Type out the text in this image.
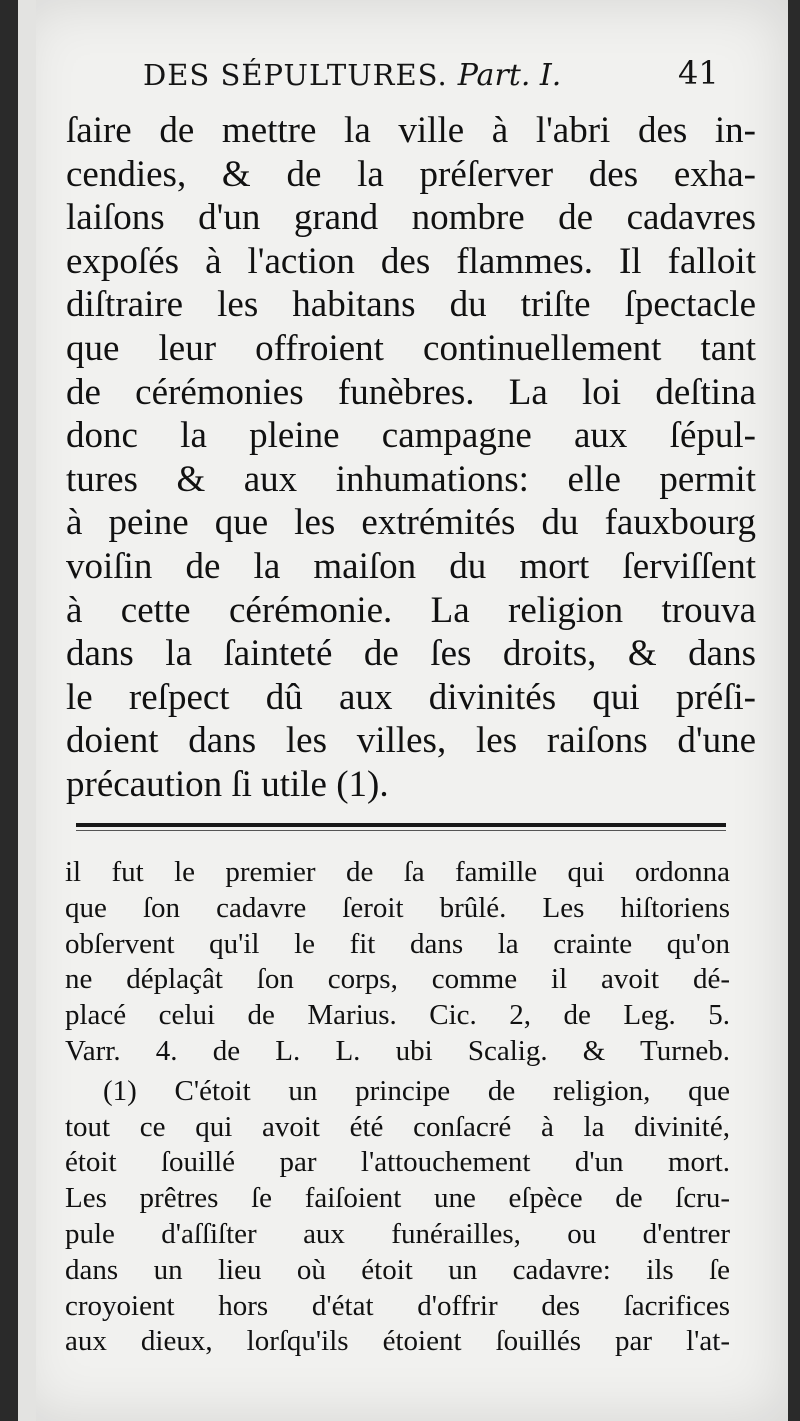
DES SÉPULTURES. Part. I.	41
ſaire de mettre la ville à l'abri des in-
cendies, & de la préſerver des exha-
laiſons d'un grand nombre de cadavres
expoſés à l'action des flammes. Il falloit
diſtraire les habitans du triſte ſpectacle
que leur offroient continuellement tant
de cérémonies funèbres. La loi deſtina
donc la pleine campagne aux ſépul-
tures & aux inhumations: elle permit
à peine que les extrémités du fauxbourg
voiſin de la maiſon du mort ſerviſſent
à cette cérémonie. La religion trouva
dans la ſainteté de ſes droits, & dans
le reſpect dû aux divinités qui préſi-
doient dans les villes, les raiſons d'une
précaution ſi utile (1).
il fut le premier de ſa famille qui ordonna
que ſon cadavre ſeroit brûlé. Les hiſtoriens
obſervent qu'il le fit dans la crainte qu'on
ne déplaçât ſon corps, comme il avoit dé-
placé celui de Marius. Cic. 2, de Leg. 5.
Varr. 4. de L. L. ubi Scalig. & Turneb.
(1) C'étoit un principe de religion, que
tout ce qui avoit été conſacré à la divinité,
étoit ſouillé par l'attouchement d'un mort.
Les prêtres ſe faiſoient une eſpèce de ſcru-
pule d'aſſiſter aux funérailles, ou d'entrer
dans un lieu où étoit un cadavre: ils ſe
croyoient hors d'état d'offrir des ſacrifices
aux dieux, lorſqu'ils étoient ſouillés par l'at-
